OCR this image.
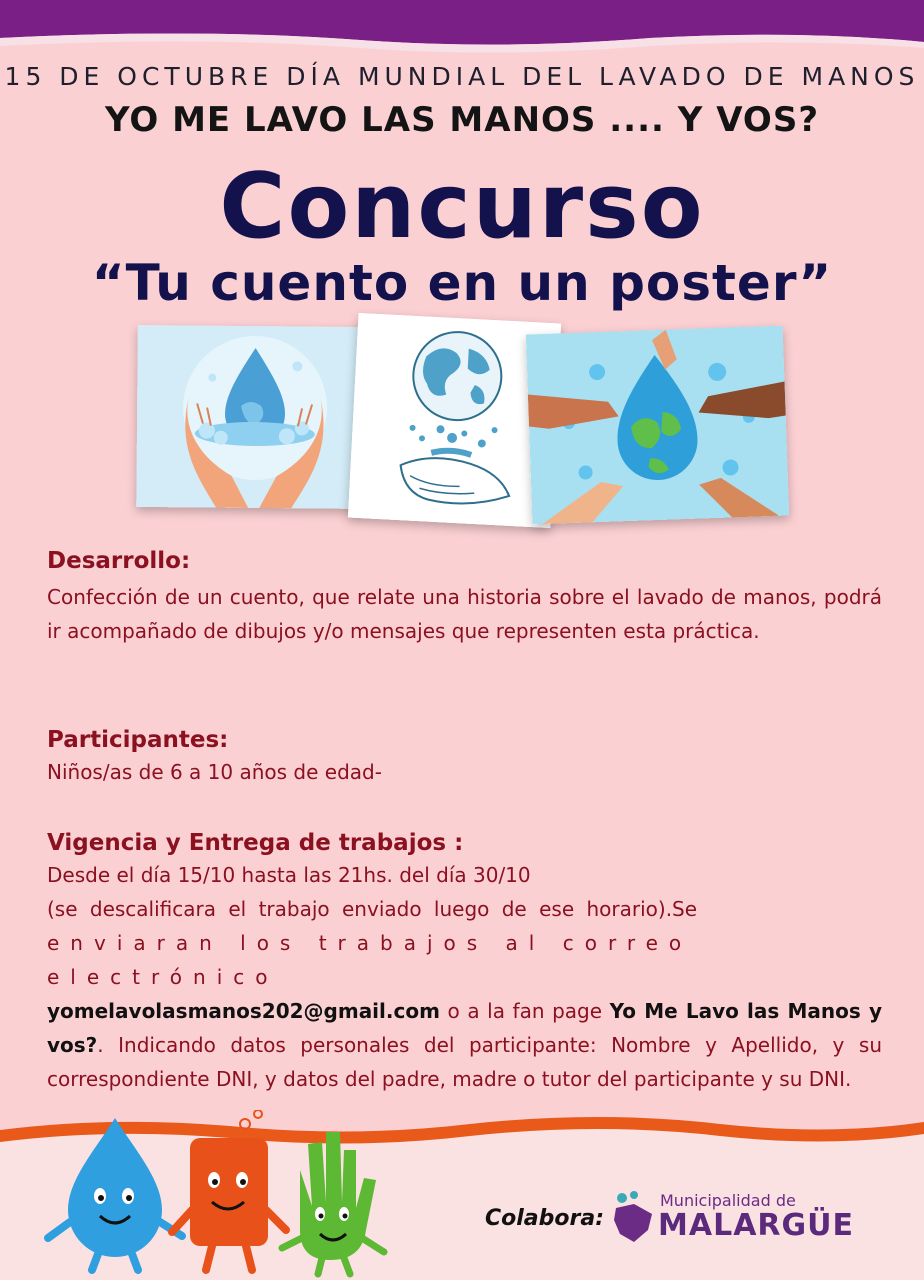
15 DE OCTUBRE DÍA MUNDIAL DEL LAVADO DE MANOS
YO ME LAVO LAS MANOS .... Y VOS?
Concurso
“Tu cuento en un poster”

Desarrollo:

Confección de un cuento, que relate una historia sobre el lavado de manos, podrá ir acompañado de dibujos y/o mensajes que representen esta práctica.

Participantes:

Niños/as de 6 a 10 años de edad-

Vigencia y Entrega de trabajos :

Desde el día 15/10 hasta las 21hs. del día 30/10

(se descalificara el trabajo enviado luego de ese horario).Se

enviaran los trabajos al correo electrónico

yomelavolasmanos202@gmail.com o a la fan page Yo Me Lavo las Manos y vos?. Indicando datos personales del participante: Nombre y Apellido, y su correspondiente DNI, y datos del padre, madre o tutor del participante y su DNI.

Colabora:
Municipalidad de
MALARGÜE
